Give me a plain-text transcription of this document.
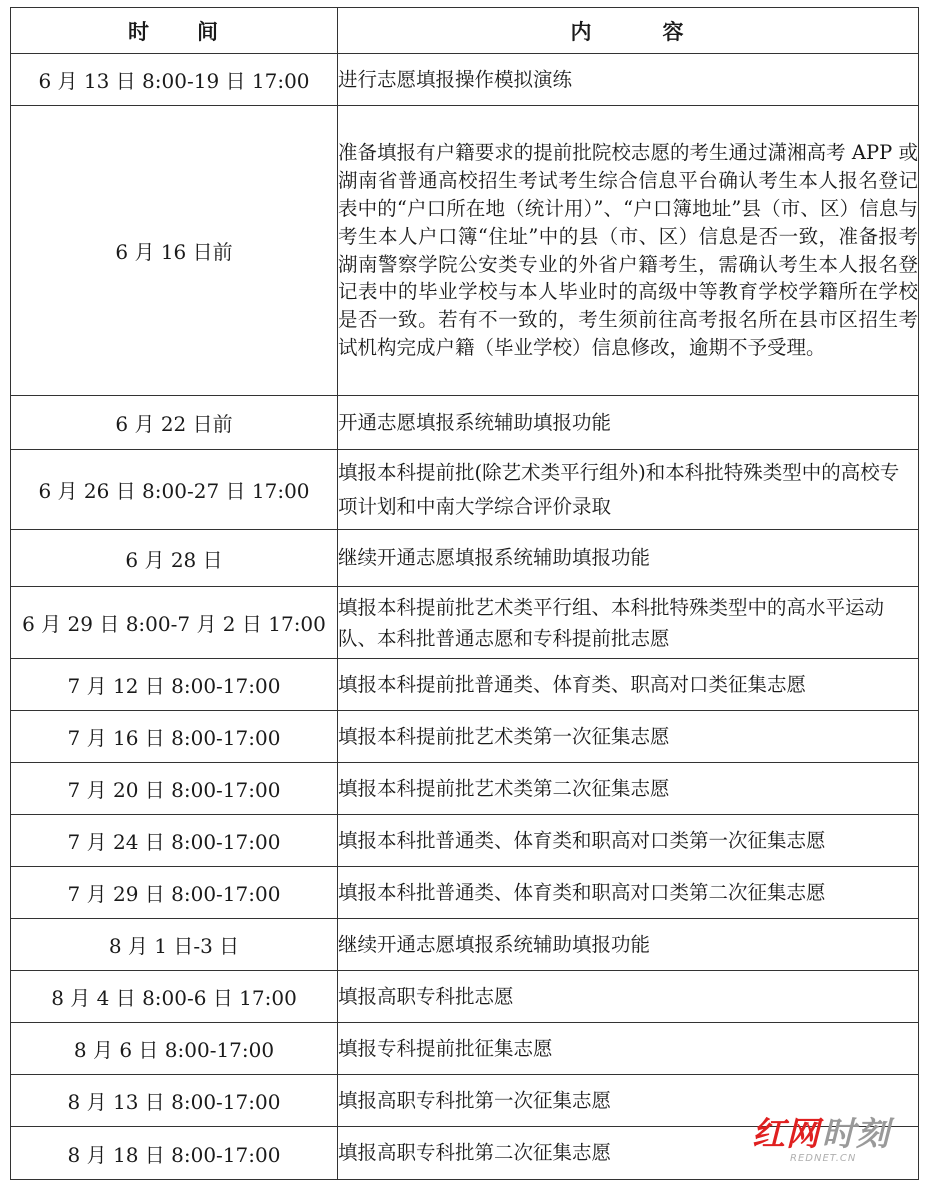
时　　间	内　　　容
6 月 13 日 8:00-19 日 17:00	进行志愿填报操作模拟演练
6 月 16 日前	准备填报有户籍要求的提前批院校志愿的考生通过潇湘高考 APP 或湖南省普通高校招生考试考生综合信息平台确认考生本人报名登记表中的“户口所在地（统计用）”、“户口簿地址”县（市、区）信息与考生本人户口簿“住址”中的县（市、区）信息是否一致，准备报考湖南警察学院公安类专业的外省户籍考生，需确认考生本人报名登记表中的毕业学校与本人毕业时的高级中等教育学校学籍所在学校是否一致。若有不一致的，考生须前往高考报名所在县市区招生考试机构完成户籍（毕业学校）信息修改，逾期不予受理。
6 月 22 日前	开通志愿填报系统辅助填报功能
6 月 26 日 8:00-27 日 17:00	填报本科提前批(除艺术类平行组外)和本科批特殊类型中的高校专项计划和中南大学综合评价录取
6 月 28 日	继续开通志愿填报系统辅助填报功能
6 月 29 日 8:00-7 月 2 日 17:00	填报本科提前批艺术类平行组、本科批特殊类型中的高水平运动队、本科批普通志愿和专科提前批志愿
7 月 12 日 8:00-17:00	填报本科提前批普通类、体育类、职高对口类征集志愿
7 月 16 日 8:00-17:00	填报本科提前批艺术类第一次征集志愿
7 月 20 日 8:00-17:00	填报本科提前批艺术类第二次征集志愿
7 月 24 日 8:00-17:00	填报本科批普通类、体育类和职高对口类第一次征集志愿
7 月 29 日 8:00-17:00	填报本科批普通类、体育类和职高对口类第二次征集志愿
8 月 1 日-3 日	继续开通志愿填报系统辅助填报功能
8 月 4 日 8:00-6 日 17:00	填报高职专科批志愿
8 月 6 日 8:00-17:00	填报专科提前批征集志愿
8 月 13 日 8:00-17:00	填报高职专科批第一次征集志愿
8 月 18 日 8:00-17:00	填报高职专科批第二次征集志愿	红网 时刻
REDNET.CN
